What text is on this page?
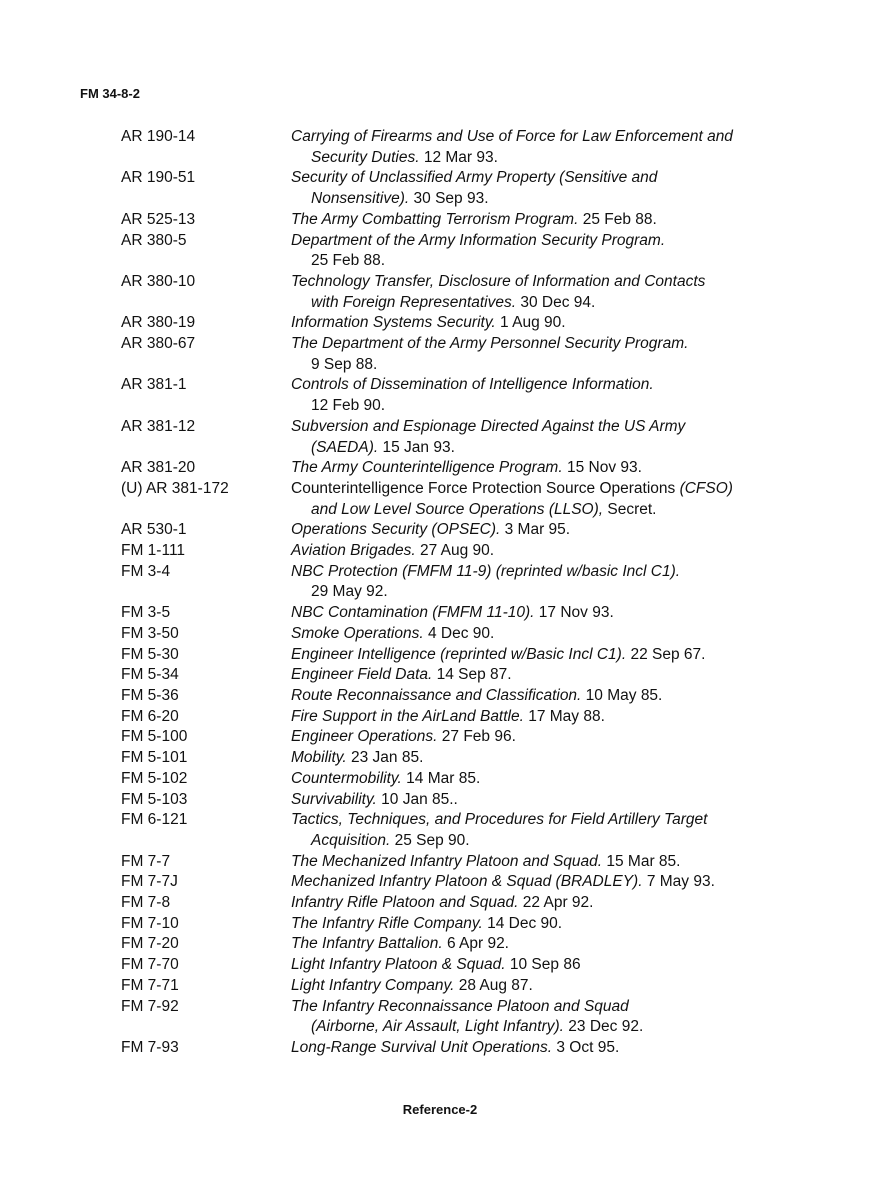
FM 34-8-2
AR 190-14	Carrying of Firearms and Use of Force for Law Enforcement and
Security Duties. 12 Mar 93.
AR 190-51	Security of Unclassified Army Property (Sensitive and
Nonsensitive). 30 Sep 93.
AR 525-13	The Army Combatting Terrorism Program. 25 Feb 88.
AR 380-5	Department of the Army Information Security Program.
25 Feb 88.
AR 380-10	Technology Transfer, Disclosure of Information and Contacts
with Foreign Representatives. 30 Dec 94.
AR 380-19	Information Systems Security. 1 Aug 90.
AR 380-67	The Department of the Army Personnel Security Program.
9 Sep 88.
AR 381-1	Controls of Dissemination of Intelligence Information.
12 Feb 90.
AR 381-12	Subversion and Espionage Directed Against the US Army
(SAEDA). 15 Jan 93.
AR 381-20	The Army Counterintelligence Program. 15 Nov 93.
(U) AR 381-172	Counterintelligence Force Protection Source Operations (CFSO)
and Low Level Source Operations (LLSO), Secret.
AR 530-1	Operations Security (OPSEC). 3 Mar 95.
FM 1-111	Aviation Brigades. 27 Aug 90.
FM 3-4	NBC Protection (FMFM 11-9) (reprinted w/basic Incl C1).
29 May 92.
FM 3-5	NBC Contamination (FMFM 11-10). 17 Nov 93.
FM 3-50	Smoke Operations. 4 Dec 90.
FM 5-30	Engineer Intelligence (reprinted w/Basic Incl C1). 22 Sep 67.
FM 5-34	Engineer Field Data. 14 Sep 87.
FM 5-36	Route Reconnaissance and Classification. 10 May 85.
FM 6-20	Fire Support in the AirLand Battle. 17 May 88.
FM 5-100	Engineer Operations. 27 Feb 96.
FM 5-101	Mobility. 23 Jan 85.
FM 5-102	Countermobility. 14 Mar 85.
FM 5-103	Survivability. 10 Jan 85..
FM 6-121	Tactics, Techniques, and Procedures for Field Artillery Target
Acquisition. 25 Sep 90.
FM 7-7	The Mechanized Infantry Platoon and Squad. 15 Mar 85.
FM 7-7J	Mechanized Infantry Platoon & Squad (BRADLEY). 7 May 93.
FM 7-8	Infantry Rifle Platoon and Squad. 22 Apr 92.
FM 7-10	The Infantry Rifle Company. 14 Dec 90.
FM 7-20	The Infantry Battalion. 6 Apr 92.
FM 7-70	Light Infantry Platoon & Squad. 10 Sep 86
FM 7-71	Light Infantry Company. 28 Aug 87.
FM 7-92	The Infantry Reconnaissance Platoon and Squad
(Airborne, Air Assault, Light Infantry). 23 Dec 92.
FM 7-93	Long-Range Survival Unit Operations. 3 Oct 95.
Reference-2
